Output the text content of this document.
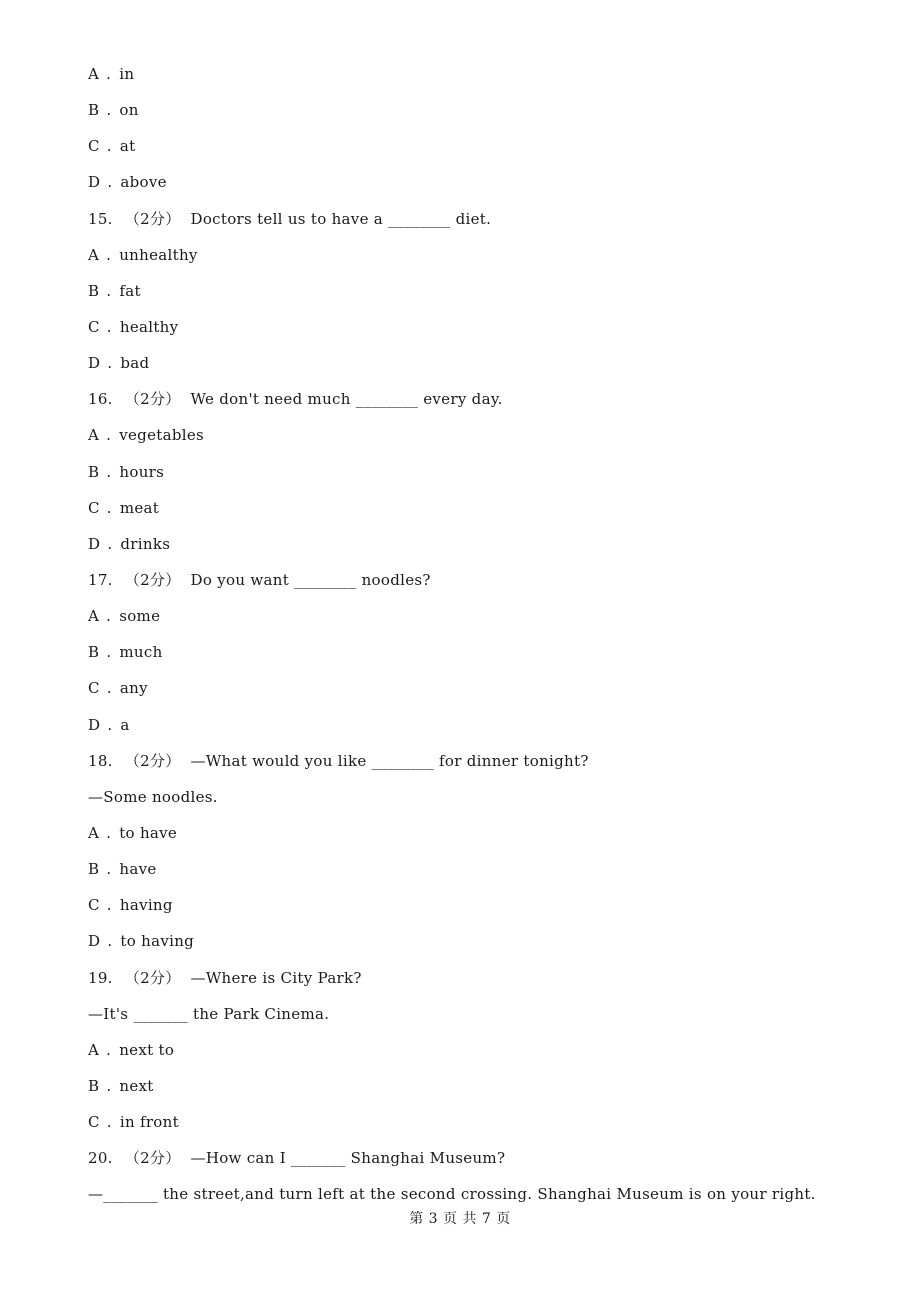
A . in
B . on
C . at
D . above
15. （2分） Doctors tell us to have a ________ diet.
A . unhealthy
B . fat
C . healthy
D . bad
16. （2分） We don't need much ________ every day.
A . vegetables
B . hours
C . meat
D . drinks
17. （2分） Do you want ________ noodles?
A . some
B . much
C . any
D . a
18. （2分） —What would you like ________ for dinner tonight?
—Some noodles.
A . to have
B . have
C . having
D . to having
19. （2分） —Where is City Park?
—It's _______ the Park Cinema.
A . next to
B . next
C . in front
20. （2分） —How can I _______ Shanghai Museum?
—_______ the street,and turn left at the second crossing. Shanghai Museum is on your right.
第 3 页 共 7 页
